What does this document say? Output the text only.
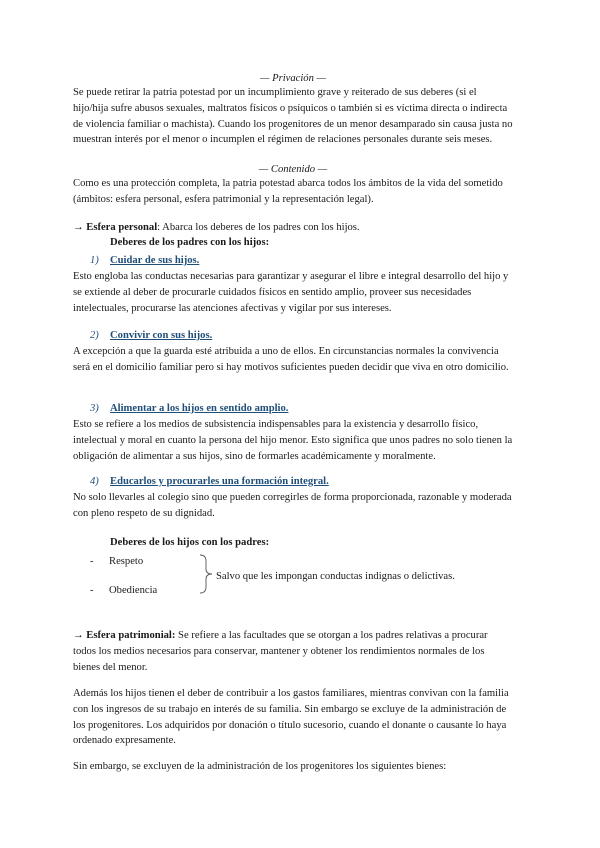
— Privación —
Se puede retirar la patria potestad por un incumplimiento grave y reiterado de sus deberes (si el hijo/hija sufre abusos sexuales, maltratos físicos o psíquicos o también si es víctima directa o indirecta de violencia familiar o machista). Cuando los progenitores de un menor desamparado sin causa justa no muestran interés por el menor o incumplen el régimen de relaciones personales durante seis meses.
— Contenido —
Como es una protección completa, la patria potestad abarca todos los ámbitos de la vida del sometido (ámbitos: esfera personal, esfera patrimonial y la representación legal).
→ Esfera personal: Abarca los deberes de los padres con los hijos.
Deberes de los padres con los hijos:
1) Cuidar de sus hijos.
Esto engloba las conductas necesarias para garantizar y asegurar el libre e integral desarrollo del hijo y se extiende al deber de procurarle cuidados físicos en sentido amplio, proveer sus necesidades intelectuales, procurarse las atenciones afectivas y vigilar por sus intereses.
2) Convivir con sus hijos.
A excepción a que la guarda esté atribuida a uno de ellos. En circunstancias normales la convivencia será en el domicilio familiar pero si hay motivos suficientes pueden decidir que viva en otro domicilio.
3) Alimentar a los hijos en sentido amplio.
Esto se refiere a los medios de subsistencia indispensables para la existencia y desarrollo físico, intelectual y moral en cuanto la persona del hijo menor. Esto significa que unos padres no solo tienen la obligación de alimentar a sus hijos, sino de formarles académicamente y moralmente.
4) Educarlos y procurarles una formación integral.
No solo llevarles al colegio sino que pueden corregirles de forma proporcionada, razonable y moderada con pleno respeto de su dignidad.
Deberes de los hijos con los padres:
- Respeto
- Obediencia
Salvo que les impongan conductas indignas o delictivas.
→ Esfera patrimonial: Se refiere a las facultades que se otorgan a los padres relativas a procurar todos los medios necesarios para conservar, mantener y obtener los rendimientos normales de los bienes del menor.
Además los hijos tienen el deber de contribuir a los gastos familiares, mientras convivan con la familia con los ingresos de su trabajo en interés de su familia. Sin embargo se excluye de la administración de los progenitores. Los adquiridos por donación o título sucesorio, cuando el donante o causante lo haya ordenado expresamente.
Sin embargo, se excluyen de la administración de los progenitores los siguientes bienes:
